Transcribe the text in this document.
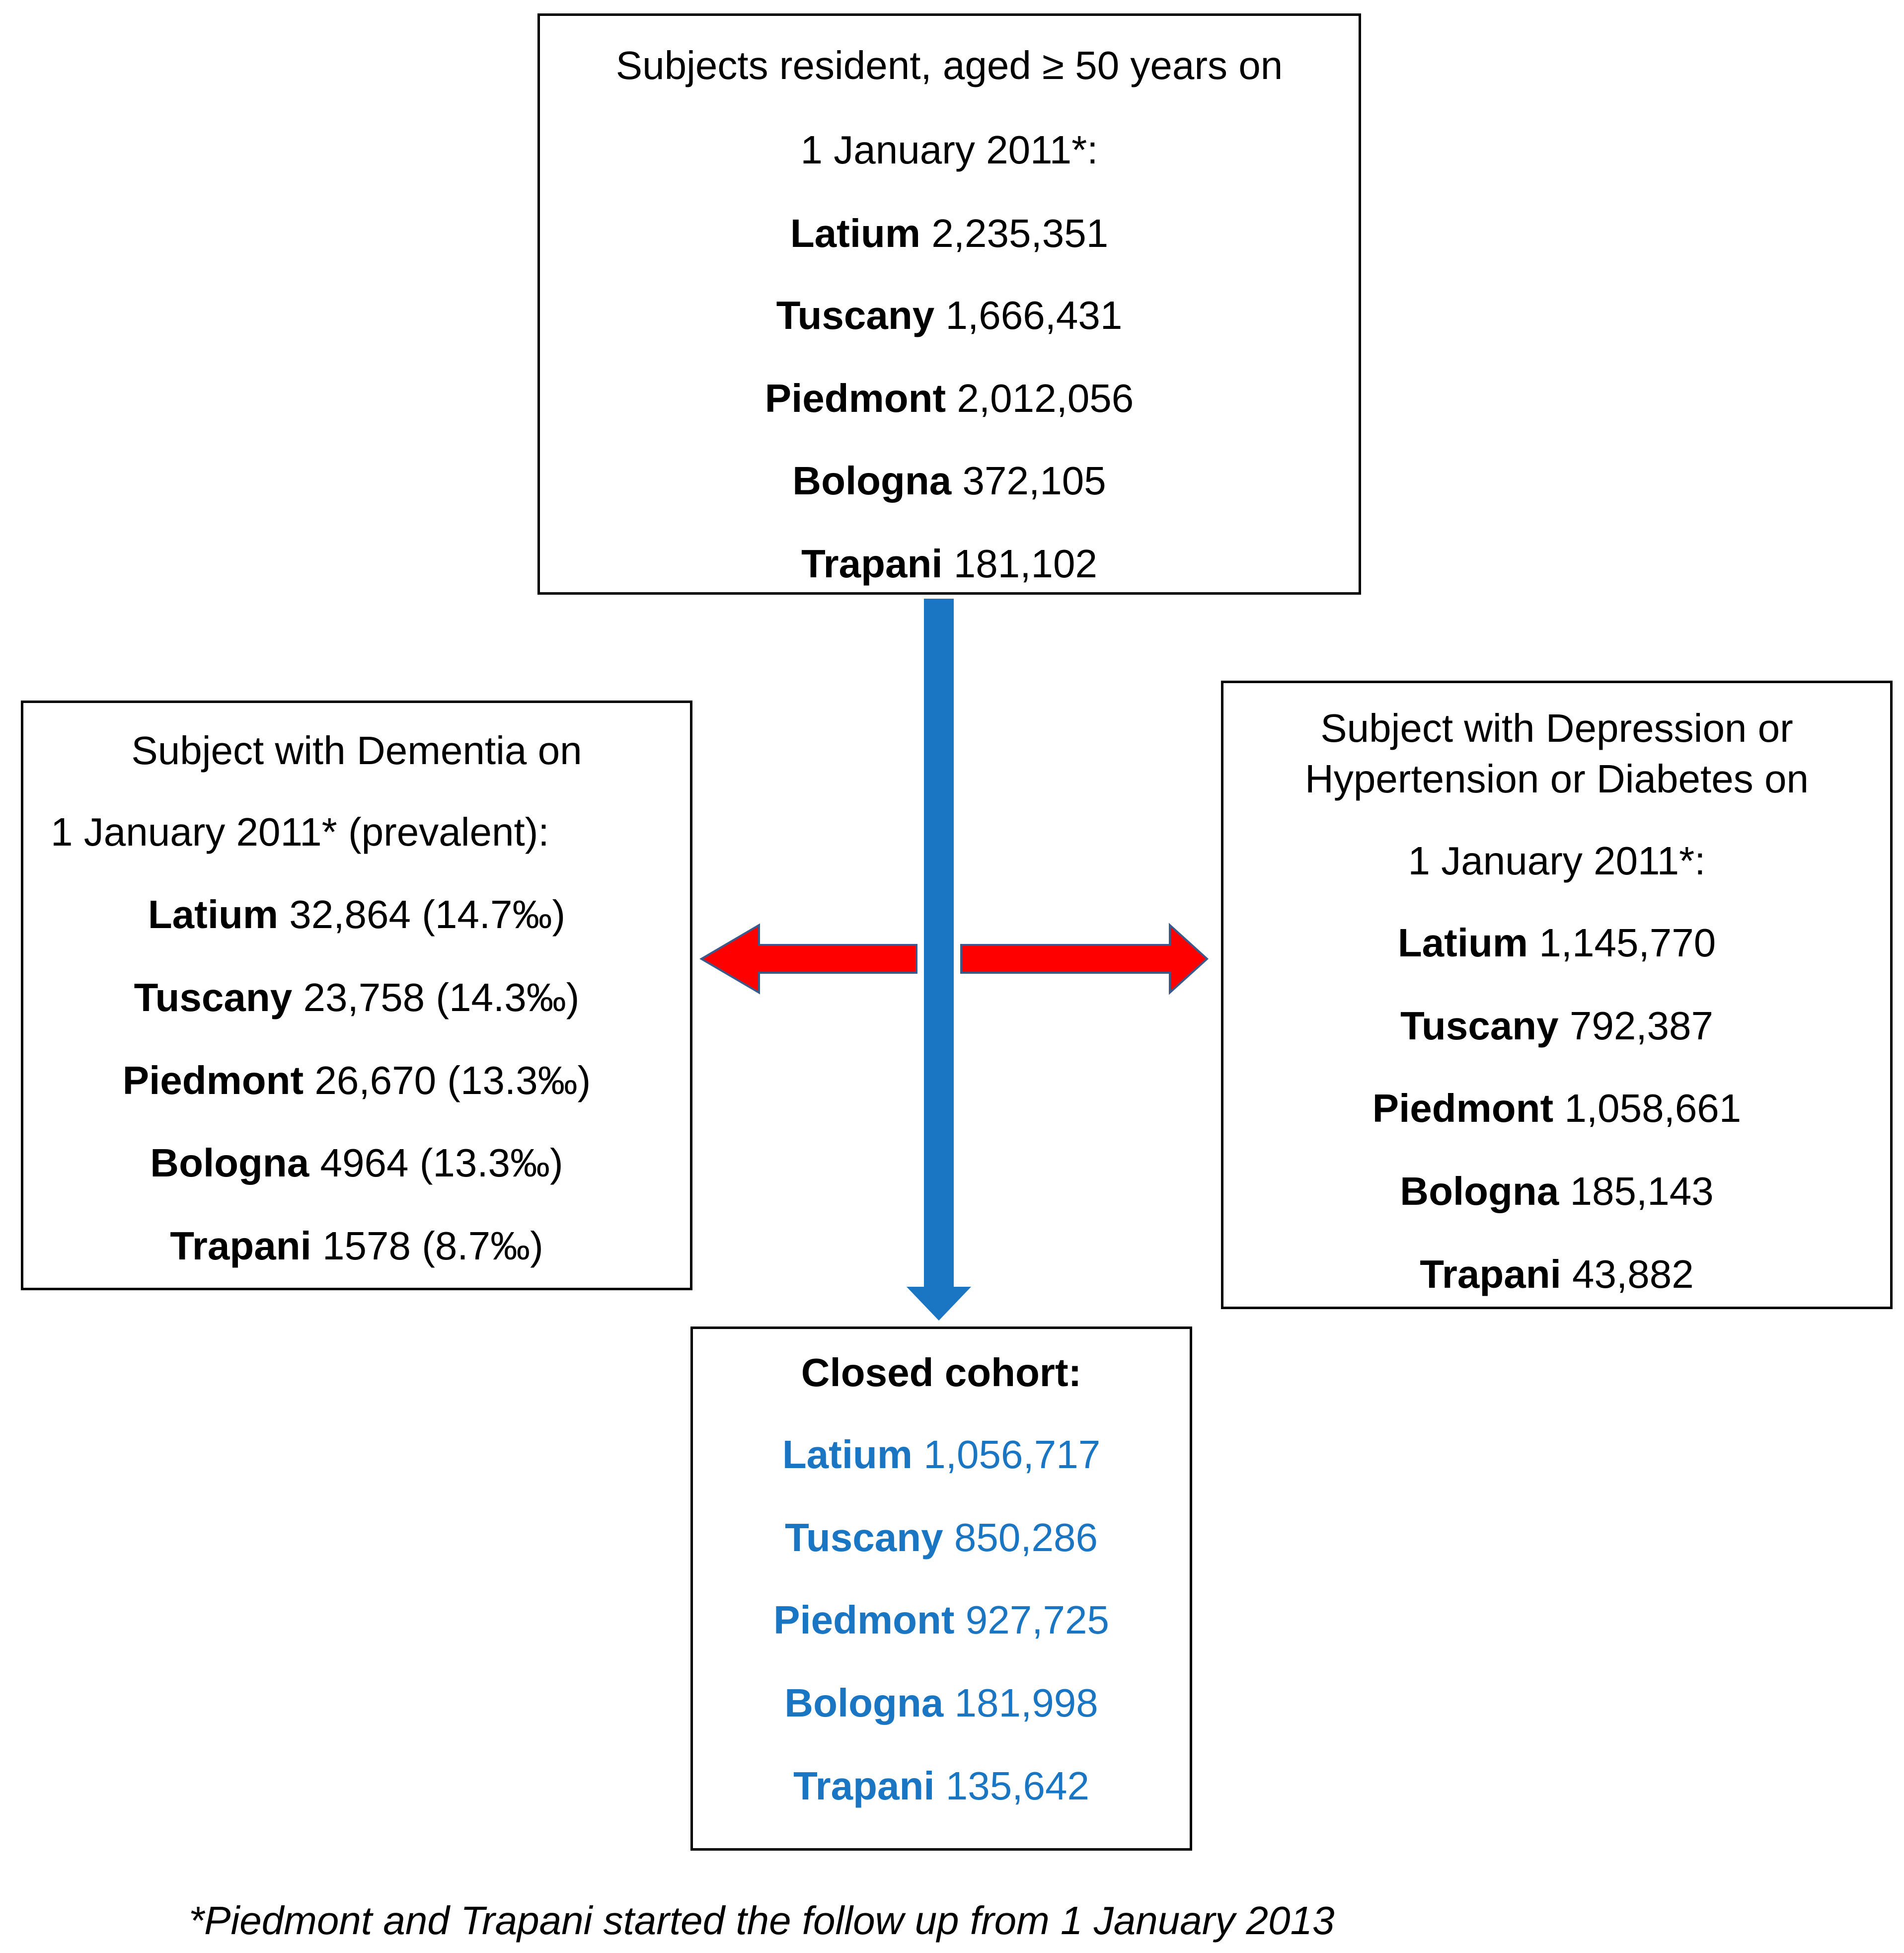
Subjects resident, aged ≥ 50 years on
1 January 2011*:
Latium 2,235,351
Tuscany 1,666,431
Piedmont 2,012,056
Bologna 372,105
Trapani 181,102
Subject with Dementia on
1 January 2011* (prevalent):
Latium 32,864 (14.7‰)
Tuscany 23,758 (14.3‰)
Piedmont 26,670 (13.3‰)
Bologna 4964 (13.3‰)
Trapani 1578 (8.7‰)
Subject with Depression or
Hypertension or Diabetes on
1 January 2011*:
Latium 1,145,770
Tuscany 792,387
Piedmont 1,058,661
Bologna 185,143
Trapani 43,882
Closed cohort:
Latium 1,056,717
Tuscany 850,286
Piedmont 927,725
Bologna 181,998
Trapani 135,642
*Piedmont and Trapani started the follow up from 1 January 2013
